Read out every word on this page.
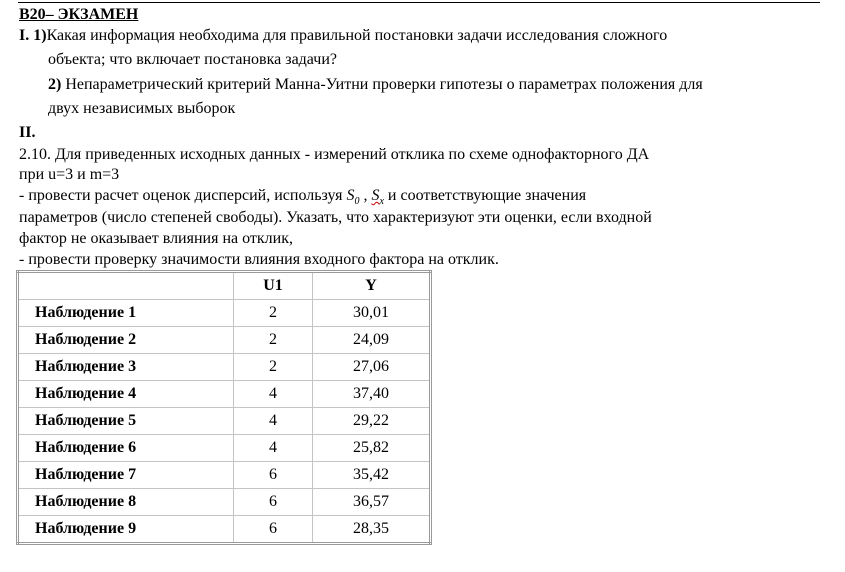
В20– ЭКЗАМЕН
I. 1)Какая информация необходима для правильной постановки задачи исследования сложного
объекта; что включает постановка задачи?
2) Непараметрический критерий Манна-Уитни проверки гипотезы о параметрах положения для
двух независимых выборок
II.
2.10. Для приведенных исходных данных - измерений отклика по схеме однофакторного ДА
при u=3 и m=3
- провести расчет оценок дисперсий, используя $S_0$ , $S_x$ и соответствующие значения
параметров (число степеней свободы). Указать, что характеризуют эти оценки, если входной
фактор не оказывает влияния на отклик,
- провести проверку значимости влияния входного фактора на отклик.
	U1	Y
Наблюдение 1	2	30,01
Наблюдение 2	2	24,09
Наблюдение 3	2	27,06
Наблюдение 4	4	37,40
Наблюдение 5	4	29,22
Наблюдение 6	4	25,82
Наблюдение 7	6	35,42
Наблюдение 8	6	36,57
Наблюдение 9	6	28,35
